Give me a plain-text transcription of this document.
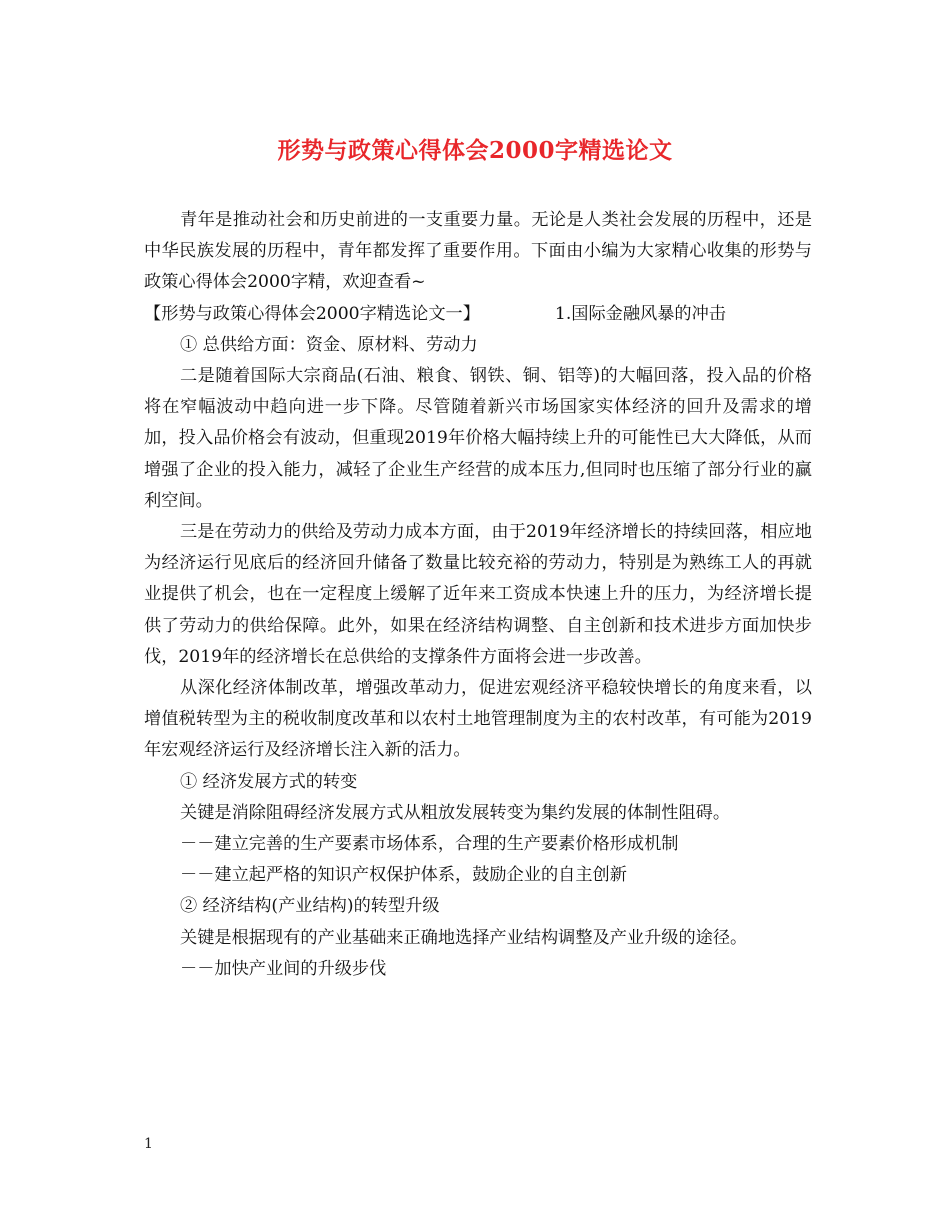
形势与政策心得体会2000字精选论文

青年是推动社会和历史前进的一支重要力量。无论是人类社会发展的历程中，还是中华民族发展的历程中，青年都发挥了重要作用。下面由小编为大家精心收集的形势与政策心得体会2000字精，欢迎查看~

【形势与政策心得体会2000字精选论文一】	1.国际金融风暴的冲击

① 总供给方面：资金、原材料、劳动力

二是随着国际大宗商品(石油、粮食、钢铁、铜、铝等)的大幅回落，投入品的价格将在窄幅波动中趋向进一步下降。尽管随着新兴市场国家实体经济的回升及需求的增加，投入品价格会有波动，但重现2019年价格大幅持续上升的可能性已大大降低，从而增强了企业的投入能力，减轻了企业生产经营的成本压力,但同时也压缩了部分行业的赢利空间。

三是在劳动力的供给及劳动力成本方面，由于2019年经济增长的持续回落，相应地为经济运行见底后的经济回升储备了数量比较充裕的劳动力，特别是为熟练工人的再就业提供了机会，也在一定程度上缓解了近年来工资成本快速上升的压力，为经济增长提供了劳动力的供给保障。此外，如果在经济结构调整、自主创新和技术进步方面加快步伐，2019年的经济增长在总供给的支撑条件方面将会进一步改善。

从深化经济体制改革，增强改革动力，促进宏观经济平稳较快增长的角度来看，以增值税转型为主的税收制度改革和以农村土地管理制度为主的农村改革，有可能为2019年宏观经济运行及经济增长注入新的活力。

① 经济发展方式的转变

关键是消除阻碍经济发展方式从粗放发展转变为集约发展的体制性阻碍。

－－建立完善的生产要素市场体系，合理的生产要素价格形成机制

－－建立起严格的知识产权保护体系，鼓励企业的自主创新

② 经济结构(产业结构)的转型升级

关键是根据现有的产业基础来正确地选择产业结构调整及产业升级的途径。

－－加快产业间的升级步伐

1
